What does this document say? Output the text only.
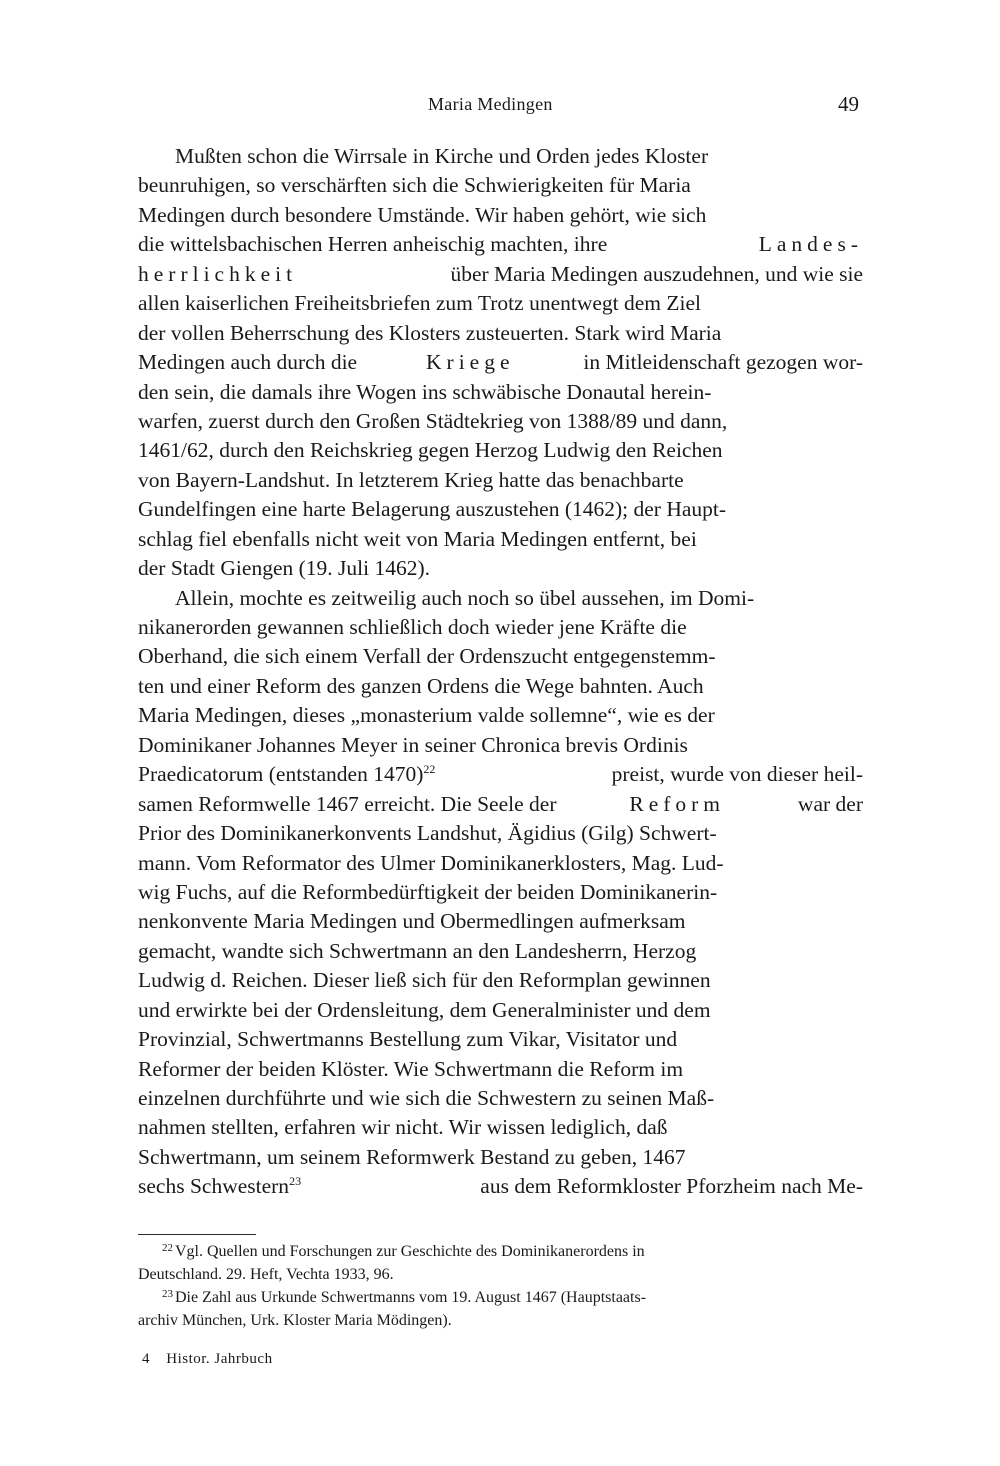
Maria Medingen	49
Mußten schon die Wirrsale in Kirche und Orden jedes Kloster
beunruhigen, so verschärften sich die Schwierigkeiten für Maria
Medingen durch besondere Umstände. Wir haben gehört, wie sich
die wittelsbachischen Herren anheischig machten, ihre	Landes-
herrlichkeit	über Maria Medingen auszudehnen, und wie sie
allen kaiserlichen Freiheitsbriefen zum Trotz unentwegt dem Ziel
der vollen Beherrschung des Klosters zusteuerten. Stark wird Maria
Medingen auch durch die	Kriege	in Mitleidenschaft gezogen wor-
den sein, die damals ihre Wogen ins schwäbische Donautal herein-
warfen, zuerst durch den Großen Städtekrieg von 1388/89 und dann,
1461/62, durch den Reichskrieg gegen Herzog Ludwig den Reichen
von Bayern-Landshut. In letzterem Krieg hatte das benachbarte
Gundelfingen eine harte Belagerung auszustehen (1462); der Haupt-
schlag fiel ebenfalls nicht weit von Maria Medingen entfernt, bei
der Stadt Giengen (19. Juli 1462).
Allein, mochte es zeitweilig auch noch so übel aussehen, im Domi-
nikanerorden gewannen schließlich doch wieder jene Kräfte die
Oberhand, die sich einem Verfall der Ordenszucht entgegenstemm-
ten und einer Reform des ganzen Ordens die Wege bahnten. Auch
Maria Medingen, dieses „monasterium valde sollemne“, wie es der
Dominikaner Johannes Meyer in seiner Chronica brevis Ordinis
Praedicatorum (entstanden 1470)$^{22}$	preist, wurde von dieser heil-
samen Reformwelle 1467 erreicht. Die Seele der	Reform	war der
Prior des Dominikanerkonvents Landshut, Ägidius (Gilg) Schwert-
mann. Vom Reformator des Ulmer Dominikanerklosters, Mag. Lud-
wig Fuchs, auf die Reformbedürftigkeit der beiden Dominikanerin-
nenkonvente Maria Medingen und Obermedlingen aufmerksam
gemacht, wandte sich Schwertmann an den Landesherrn, Herzog
Ludwig d. Reichen. Dieser ließ sich für den Reformplan gewinnen
und erwirkte bei der Ordensleitung, dem Generalminister und dem
Provinzial, Schwertmanns Bestellung zum Vikar, Visitator und
Reformer der beiden Klöster. Wie Schwertmann die Reform im
einzelnen durchführte und wie sich die Schwestern zu seinen Maß-
nahmen stellten, erfahren wir nicht. Wir wissen lediglich, daß
Schwertmann, um seinem Reformwerk Bestand zu geben, 1467
sechs Schwestern$^{23}$	aus dem Reformkloster Pforzheim nach Me-
$^{22}$ Vgl. Quellen und Forschungen zur Geschichte des Dominikanerordens in
Deutschland. 29. Heft, Vechta 1933, 96.
$^{23}$ Die Zahl aus Urkunde Schwertmanns vom 19. August 1467 (Hauptstaats-
archiv München, Urk. Kloster Maria Mödingen).
4 Histor. Jahrbuch
